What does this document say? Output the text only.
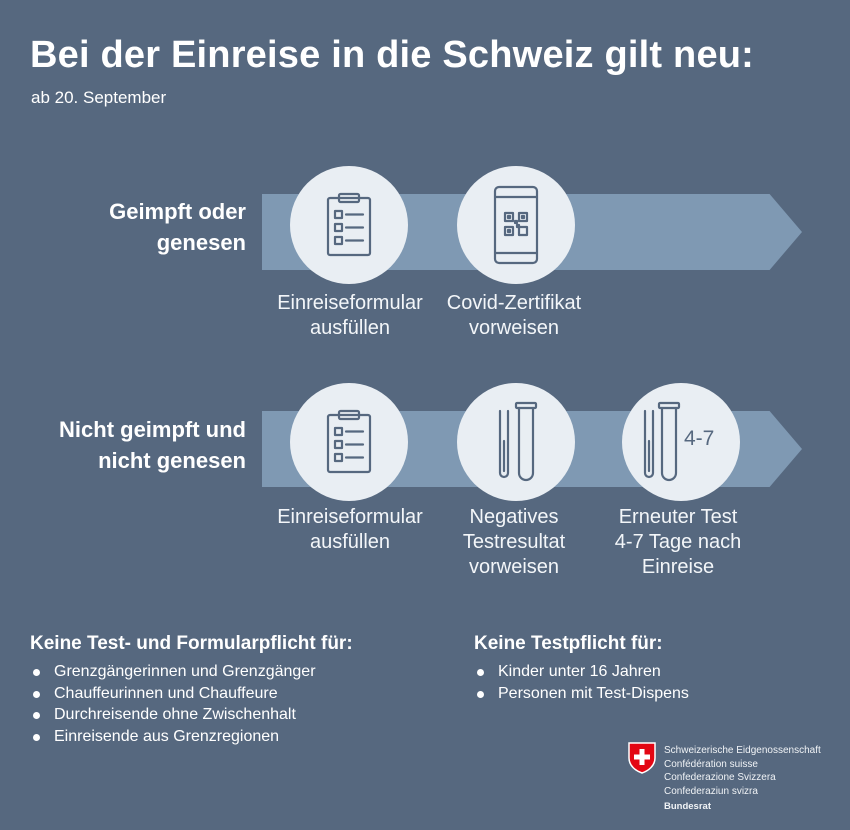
Bei der Einreise in die Schweiz gilt neu:
ab 20. September
Geimpft oder
genesen
Einreiseformular
ausfüllen
Covid-Zertifikat
vorweisen
Nicht geimpft und
nicht genesen
Einreiseformular
ausfüllen
Negatives
Testresultat
vorweisen
4-7
Erneuter Test
4-7 Tage nach
Einreise
Keine Test- und Formularpflicht für:
Grenzgängerinnen und Grenzgänger
Chauffeurinnen und Chauffeure
Durchreisende ohne Zwischenhalt
Einreisende aus Grenzregionen
Keine Testpflicht für:
Kinder unter 16 Jahren
Personen mit Test-Dispens
Schweizerische Eidgenossenschaft
Confédération suisse
Confederazione Svizzera
Confederaziun svizra
Bundesrat
